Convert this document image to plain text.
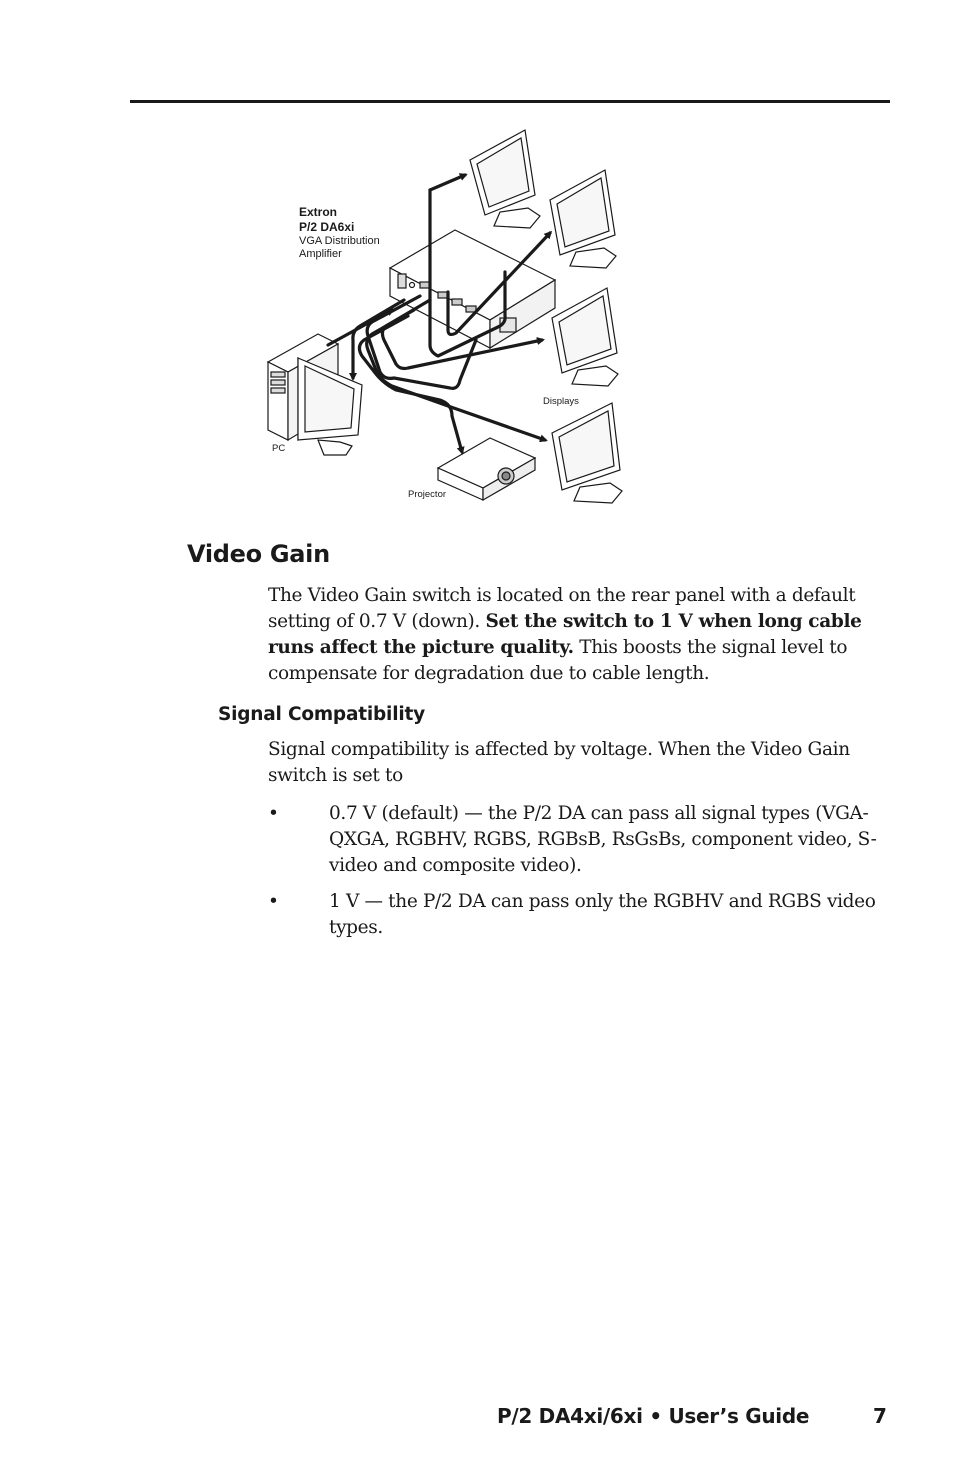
Extron
P/2 DA6xi
VGA Distribution
Amplifier
PC
Displays
Projector
Video Gain

The Video Gain switch is located on the rear panel with a default setting of 0.7 V (down). Set the switch to 1 V when long cable runs affect the picture quality. This boosts the signal level to compensate for degradation due to cable length.

Signal Compatibility

Signal compatibility is affected by voltage. When the Video Gain switch is set to

•	0.7 V (default) — the P/2 DA can pass all signal types (VGA-QXGA, RGBHV, RGBS, RGBsB, RsGsBs, component video, S-video and composite video).
•	1 V — the P/2 DA can pass only the RGBHV and RGBS video types.
P/2 DA4xi/6xi • User’s Guide	7
